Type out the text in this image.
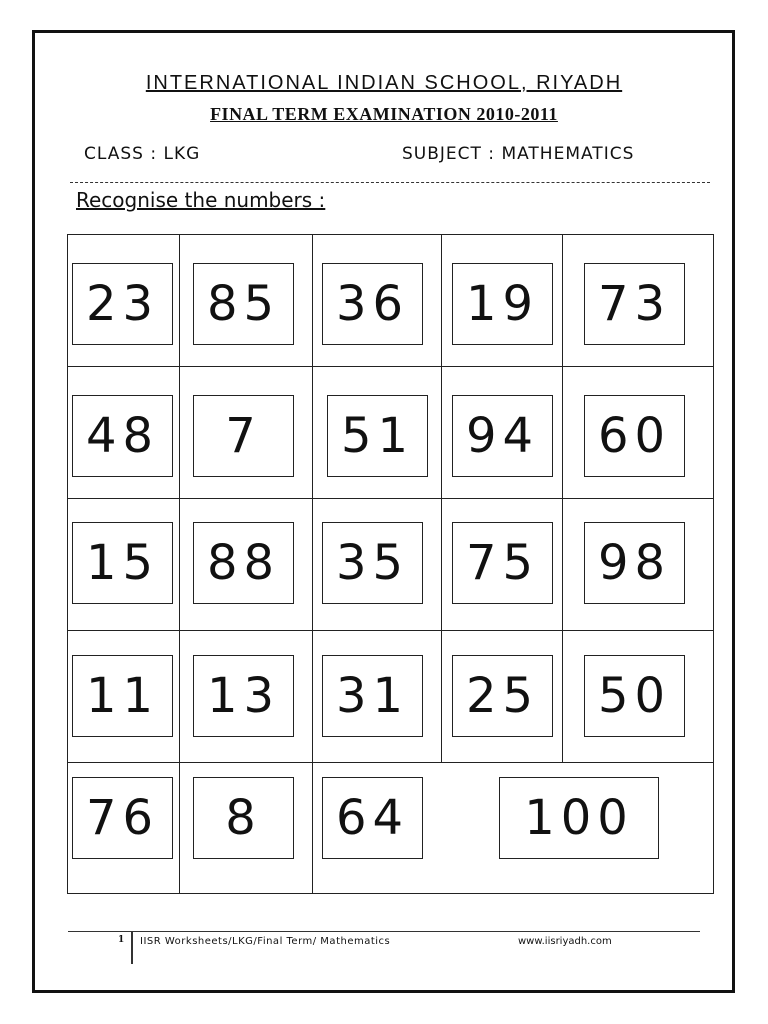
INTERNATIONAL INDIAN SCHOOL, RIYADH
FINAL TERM EXAMINATION 2010-2011
CLASS : LKG	SUBJECT : MATHEMATICS
Recognise the numbers :
23 85 36 19 73
48	7	51 94 60
15 88 35 75 98
11 13 31 25 50
76	8	64	100
1 IISR Worksheets/LKG/Final Term/ Mathematics	www.iisriyadh.com
